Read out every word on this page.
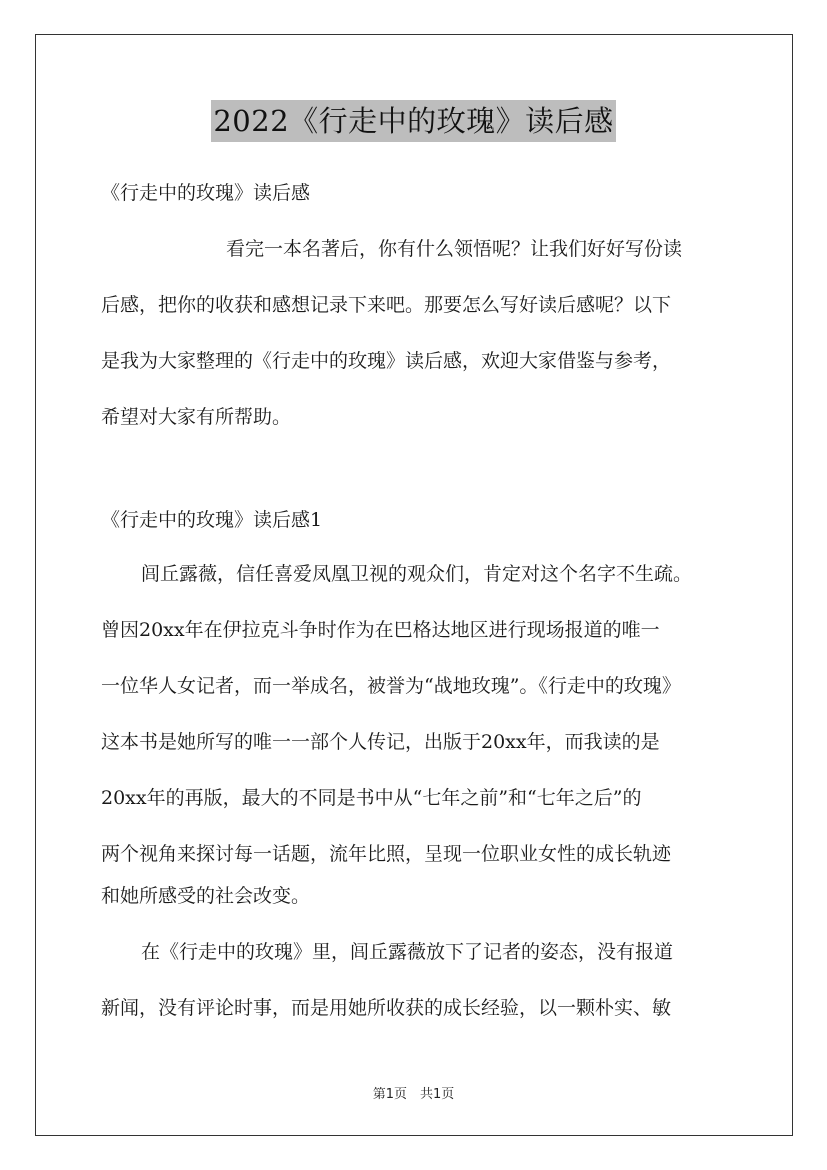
2022《行走中的玫瑰》读后感
《行走中的玫瑰》读后感
看完一本名著后，你有什么领悟呢？让我们好好写份读
后感，把你的收获和感想记录下来吧。那要怎么写好读后感呢？以下
是我为大家整理的《行走中的玫瑰》读后感，欢迎大家借鉴与参考，
希望对大家有所帮助。
《行走中的玫瑰》读后感1
闾丘露薇，信任喜爱凤凰卫视的观众们，肯定对这个名字不生疏。
曾因20xx年在伊拉克斗争时作为在巴格达地区进行现场报道的唯一
一位华人女记者，而一举成名，被誉为“战地玫瑰”。《行走中的玫瑰》
这本书是她所写的唯一一部个人传记，出版于20xx年，而我读的是
20xx年的再版，最大的不同是书中从“七年之前”和“七年之后”的
两个视角来探讨每一话题，流年比照，呈现一位职业女性的成长轨迹
和她所感受的社会改变。
在《行走中的玫瑰》里，闾丘露薇放下了记者的姿态，没有报道
新闻，没有评论时事，而是用她所收获的成长经验，以一颗朴实、敏
第1页　共1页
